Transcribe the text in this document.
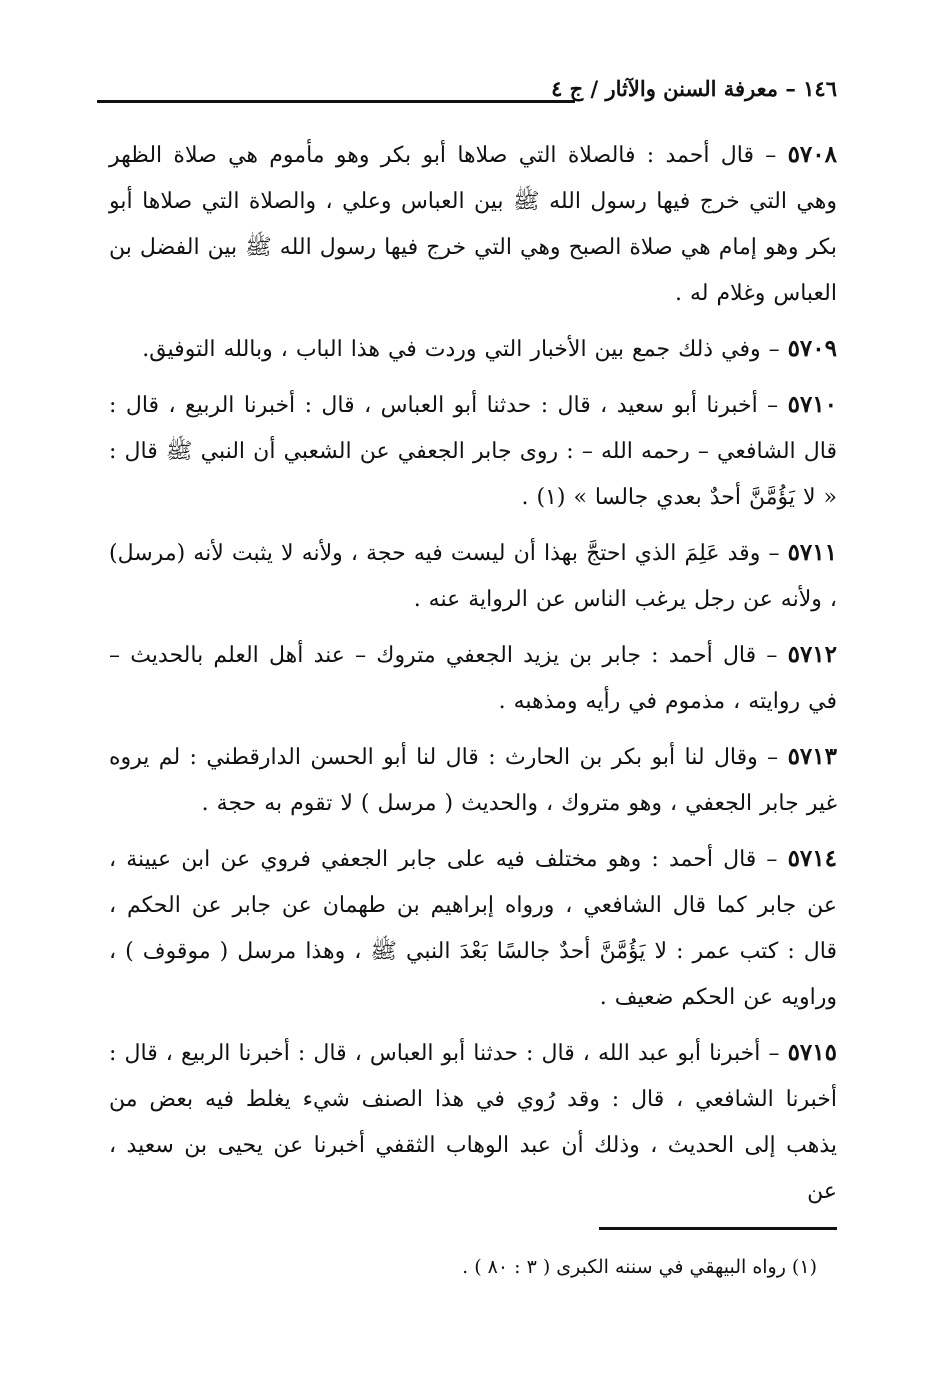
١٤٦ – معرفة السنن والآثار / ج ٤

٥٧٠٨ – قال أحمد : فالصلاة التي صلاها أبو بكر وهو مأموم هي صلاة الظهر وهي التي خرج فيها رسول الله ﷺ بين العباس وعلي ، والصلاة التي صلاها أبو بكر وهو إمام هي صلاة الصبح وهي التي خرج فيها رسول الله ﷺ بين الفضل بن العباس وغلام له .

٥٧٠٩ – وفي ذلك جمع بين الأخبار التي وردت في هذا الباب ، وبالله التوفيق.

٥٧١٠ – أخبرنا أبو سعيد ، قال : حدثنا أبو العباس ، قال : أخبرنا الربيع ، قال : قال الشافعي – رحمه الله – : روى جابر الجعفي عن الشعبي أن النبي ﷺ قال : « لا يَؤُمَّنَّ أحدٌ بعدي جالسا » (١) .

٥٧١١ – وقد عَلِمَ الذي احتجَّ بهذا أن ليست فيه حجة ، ولأنه لا يثبت لأنه (مرسل) ، ولأنه عن رجل يرغب الناس عن الرواية عنه .

٥٧١٢ – قال أحمد : جابر بن يزيد الجعفي متروك – عند أهل العلم بالحديث – في روايته ، مذموم في رأيه ومذهبه .

٥٧١٣ – وقال لنا أبو بكر بن الحارث : قال لنا أبو الحسن الدارقطني : لم يروه غير جابر الجعفي ، وهو متروك ، والحديث ( مرسل ) لا تقوم به حجة .

٥٧١٤ – قال أحمد : وهو مختلف فيه على جابر الجعفي فروي عن ابن عيينة ، عن جابر كما قال الشافعي ، ورواه إبراهيم بن طهمان عن جابر عن الحكم ، قال : كتب عمر : لا يَؤُمَّنَّ أحدٌ جالسًا بَعْدَ النبي ﷺ ، وهذا مرسل ( موقوف ) ، وراويه عن الحكم ضعيف .

٥٧١٥ – أخبرنا أبو عبد الله ، قال : حدثنا أبو العباس ، قال : أخبرنا الربيع ، قال : أخبرنا الشافعي ، قال : وقد رُوي في هذا الصنف شيء يغلط فيه بعض من يذهب إلى الحديث ، وذلك أن عبد الوهاب الثقفي أخبرنا عن يحيى بن سعيد ، عن

(١) رواه البيهقي في سننه الكبرى ( ٣ : ٨٠ ) .
